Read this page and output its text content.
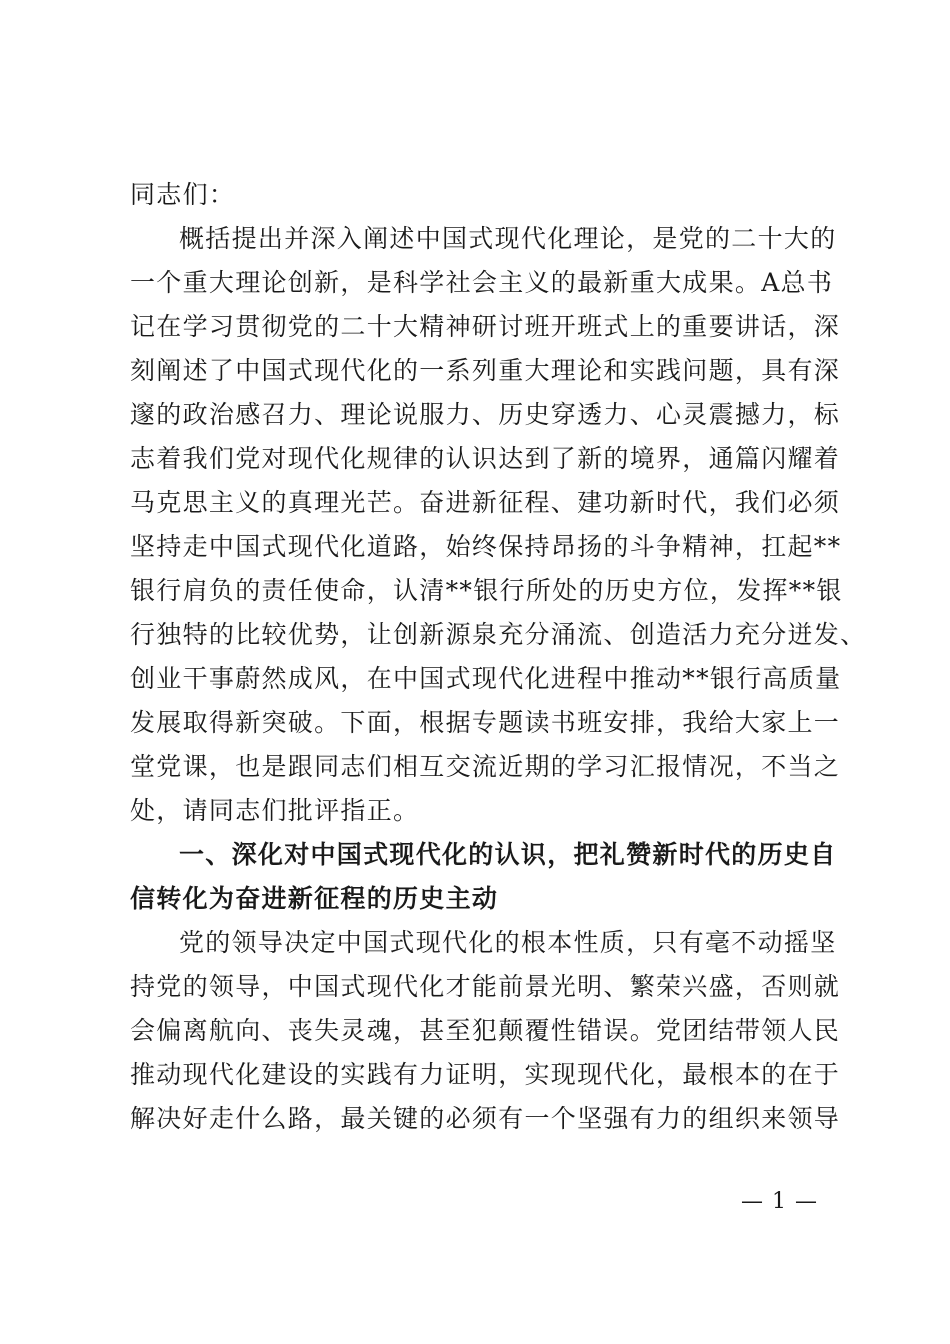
同志们：
概括提出并深入阐述中国式现代化理论，是党的二十大的
一个重大理论创新，是科学社会主义的最新重大成果。A总书
记在学习贯彻党的二十大精神研讨班开班式上的重要讲话，深
刻阐述了中国式现代化的一系列重大理论和实践问题，具有深
邃的政治感召力、理论说服力、历史穿透力、心灵震撼力，标
志着我们党对现代化规律的认识达到了新的境界，通篇闪耀着
马克思主义的真理光芒。奋进新征程、建功新时代，我们必须
坚持走中国式现代化道路，始终保持昂扬的斗争精神，扛起**
银行肩负的责任使命，认清**银行所处的历史方位，发挥**银
行独特的比较优势，让创新源泉充分涌流、创造活力充分迸发、
创业干事蔚然成风，在中国式现代化进程中推动**银行高质量
发展取得新突破。下面，根据专题读书班安排，我给大家上一
堂党课，也是跟同志们相互交流近期的学习汇报情况，不当之
处，请同志们批评指正。
一、深化对中国式现代化的认识，把礼赞新时代的历史自
信转化为奋进新征程的历史主动
党的领导决定中国式现代化的根本性质，只有毫不动摇坚
持党的领导，中国式现代化才能前景光明、繁荣兴盛，否则就
会偏离航向、丧失灵魂，甚至犯颠覆性错误。党团结带领人民
推动现代化建设的实践有力证明，实现现代化，最根本的在于
解决好走什么路，最关键的必须有一个坚强有力的组织来领导
— 1 —
